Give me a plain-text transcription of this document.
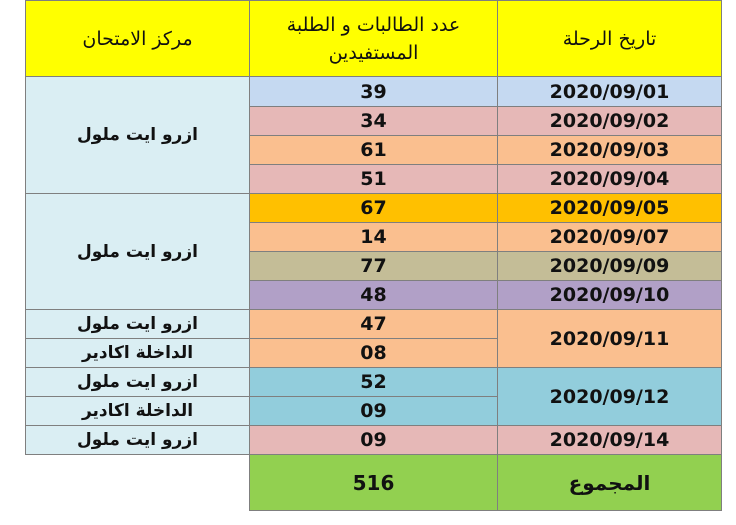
مركز الامتحان	عدد الطالبات و الطلبة المستفيدين	تاريخ الرحلة
ازرو ايت ملول	39	2020/09/01
	34	2020/09/02
	61	2020/09/03
	51	2020/09/04
ازرو ايت ملول	67	2020/09/05
	14	2020/09/07
	77	2020/09/09
	48	2020/09/10
ازرو ايت ملول	47	2020/09/11
الداخلة اكادير	08	
ازرو ايت ملول	52	2020/09/12
الداخلة اكادير	09	
ازرو ايت ملول	09	2020/09/14
	516	المجموع
